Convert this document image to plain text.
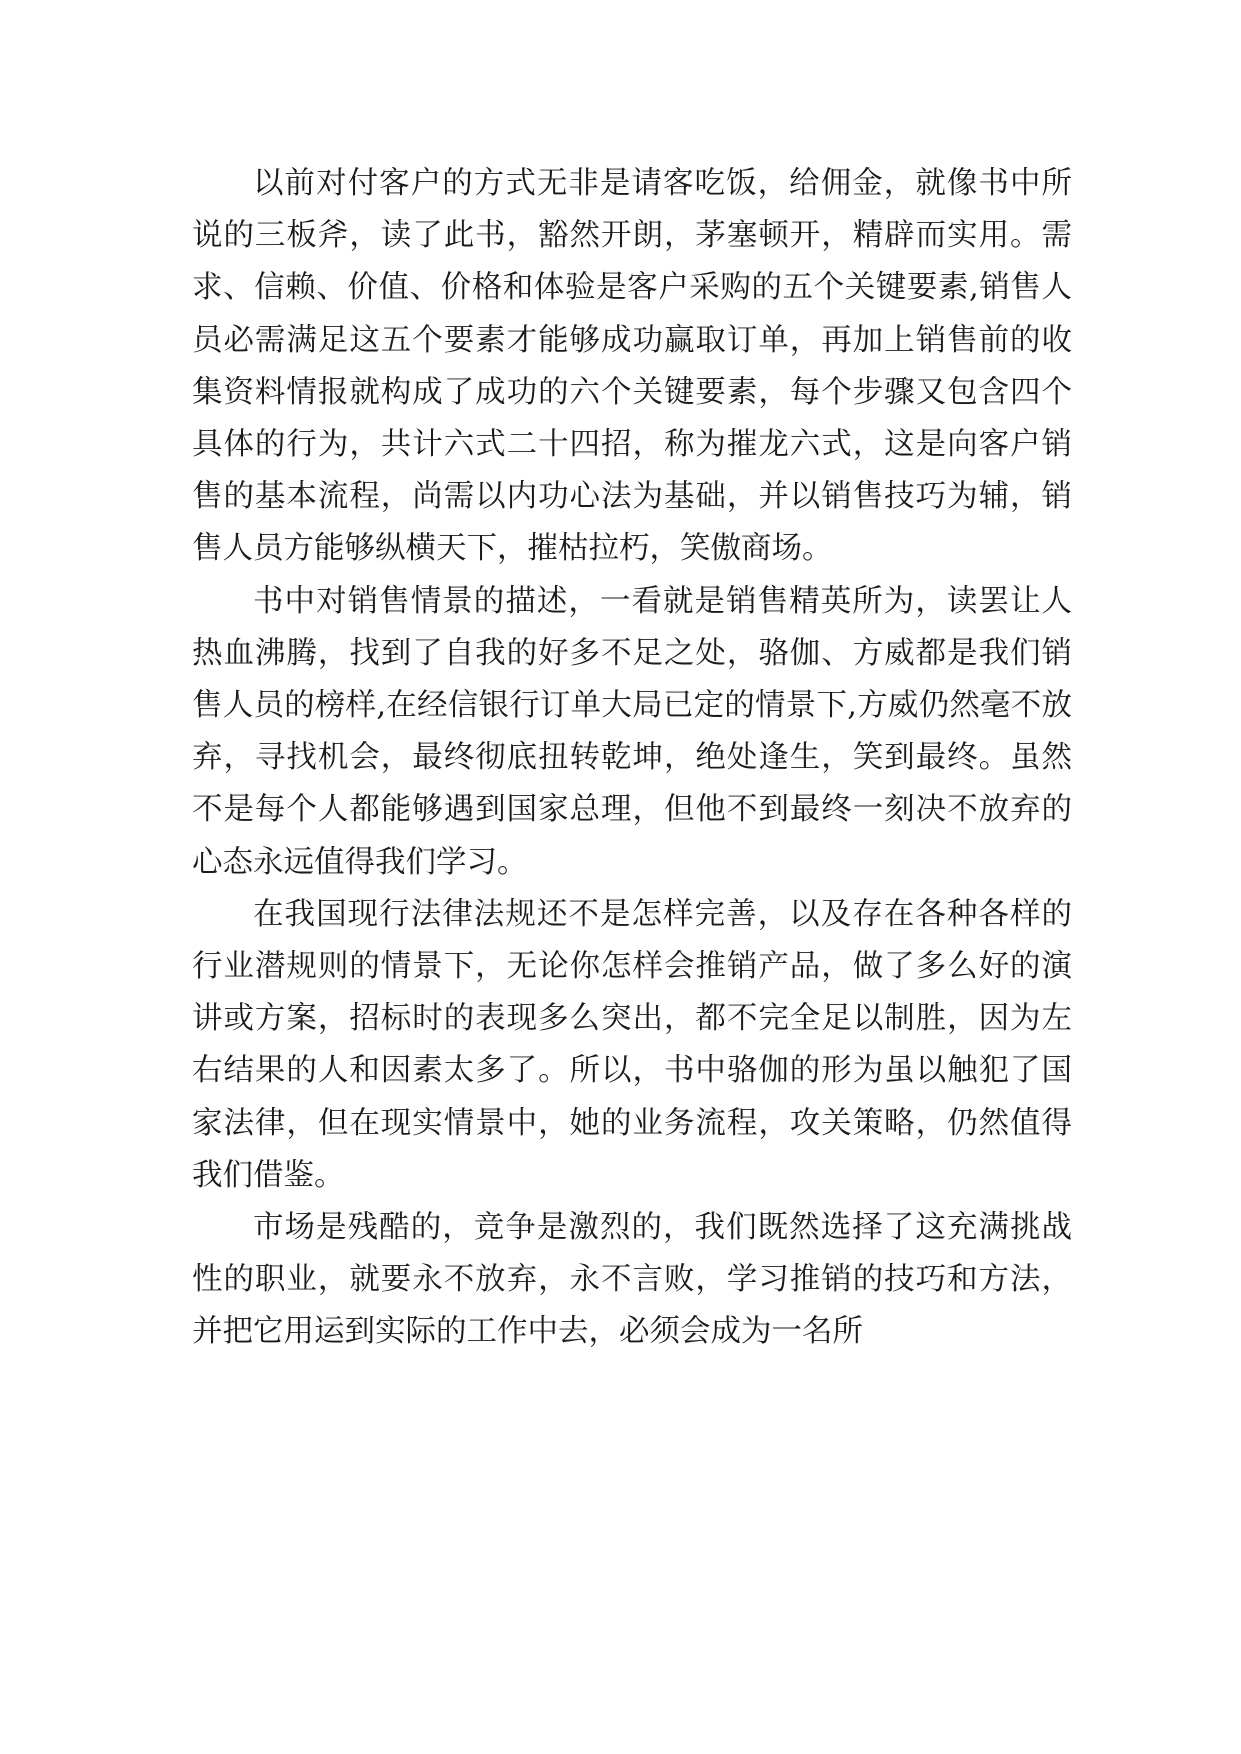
以前对付客户的方式无非是请客吃饭，给佣金，就像书中所说的三板斧，读了此书，豁然开朗，茅塞顿开，精辟而实用。需求、信赖、价值、价格和体验是客户采购的五个关键要素,销售人员必需满足这五个要素才能够成功赢取订单，再加上销售前的收集资料情报就构成了成功的六个关键要素，每个步骤又包含四个具体的行为，共计六式二十四招，称为摧龙六式，这是向客户销售的基本流程，尚需以内功心法为基础，并以销售技巧为辅，销售人员方能够纵横天下，摧枯拉朽，笑傲商场。

书中对销售情景的描述，一看就是销售精英所为，读罢让人热血沸腾，找到了自我的好多不足之处，骆伽、方威都是我们销售人员的榜样,在经信银行订单大局已定的情景下,方威仍然毫不放弃，寻找机会，最终彻底扭转乾坤，绝处逢生，笑到最终。虽然不是每个人都能够遇到国家总理，但他不到最终一刻决不放弃的心态永远值得我们学习。

在我国现行法律法规还不是怎样完善，以及存在各种各样的行业潜规则的情景下，无论你怎样会推销产品，做了多么好的演讲或方案，招标时的表现多么突出，都不完全足以制胜，因为左右结果的人和因素太多了。所以，书中骆伽的形为虽以触犯了国家法律，但在现实情景中，她的业务流程，攻关策略，仍然值得我们借鉴。

市场是残酷的，竞争是激烈的，我们既然选择了这充满挑战性的职业，就要永不放弃，永不言败，学习推销的技巧和方法，并把它用运到实际的工作中去，必须会成为一名所
